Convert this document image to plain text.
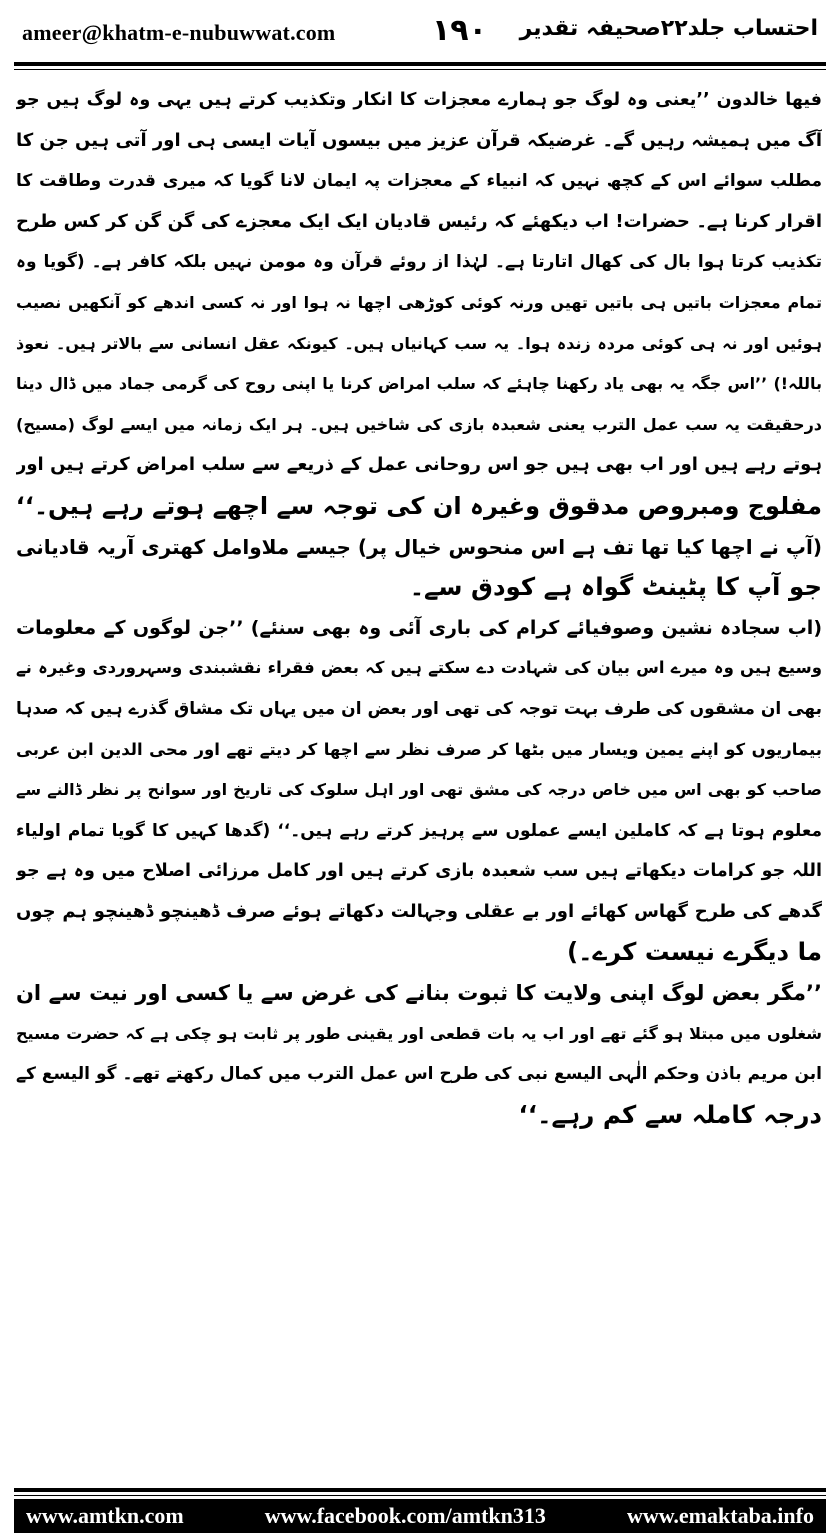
ameer@khatm-e-nubuwwat.com	۱۹۰ احتساب جلد۲۲صحیفہ تقدیر
فیھا خالدون ’’یعنی وہ لوگ جو ہمارے معجزات کا انکار وتکذیب کرتے ہیں یہی وہ لوگ ہیں جو
آگ میں ہمیشہ رہیں گے۔ غرضیکہ قرآن عزیز میں بیسوں آیات ایسی ہی اور آتی ہیں جن کا
مطلب سوائے اس کے کچھ نہیں کہ انبیاء کے معجزات پہ ایمان لانا گویا کہ میری قدرت وطاقت کا
اقرار کرنا ہے۔ حضرات! اب دیکھئے کہ رئیس قادیان ایک ایک معجزے کی گن گن کر کس طرح
تکذیب کرتا ہوا بال کی کھال اتارتا ہے۔ لہٰذا از روئے قرآن وہ مومن نہیں بلکہ کافر ہے۔ (گویا وہ
تمام معجزات باتیں ہی باتیں تھیں ورنہ کوئی کوڑھی اچھا نہ ہوا اور نہ کسی اندھے کو آنکھیں نصیب
ہوئیں اور نہ ہی کوئی مردہ زندہ ہوا۔ یہ سب کہانیاں ہیں۔ کیونکہ عقل انسانی سے بالاتر ہیں۔ نعوذ
باللہ!) ’’اس جگہ یہ بھی یاد رکھنا چاہئے کہ سلب امراض کرنا یا اپنی روح کی گرمی جماد میں ڈال دینا
درحقیقت یہ سب عمل الترب یعنی شعبدہ بازی کی شاخیں ہیں۔ ہر ایک زمانہ میں ایسے لوگ (مسیح)
ہوتے رہے ہیں اور اب بھی ہیں جو اس روحانی عمل کے ذریعے سے سلب امراض کرتے ہیں اور
مفلوج ومبروص مدقوق وغیرہ ان کی توجہ سے اچھے ہوتے رہے ہیں۔‘‘
(آپ نے اچھا کیا تھا تف ہے اس منحوس خیال پر) جیسے ملاوامل کھتری آریہ قادیانی
جو آپ کا پٹینٹ گواہ ہے کودق سے۔
(اب سجادہ نشین وصوفیائے کرام کی باری آئی وہ بھی سنئے) ’’جن لوگوں کے معلومات
وسیع ہیں وہ میرے اس بیان کی شہادت دے سکتے ہیں کہ بعض فقراء نقشبندی وسہروردی وغیرہ نے
بھی ان مشقوں کی طرف بہت توجہ کی تھی اور بعض ان میں یہاں تک مشاق گذرے ہیں کہ صدہا
بیماریوں کو اپنے یمین ویسار میں بٹھا کر صرف نظر سے اچھا کر دیتے تھے اور محی الدین ابن عربی
صاحب کو بھی اس میں خاص درجہ کی مشق تھی اور اہل سلوک کی تاریخ اور سوانح پر نظر ڈالنے سے
معلوم ہوتا ہے کہ کاملین ایسے عملوں سے پرہیز کرتے رہے ہیں۔‘‘ (گدھا کہیں کا گویا تمام اولیاء
اللہ جو کرامات دیکھاتے ہیں سب شعبدہ بازی کرتے ہیں اور کامل مرزائی اصلاح میں وہ ہے جو
گدھے کی طرح گھاس کھائے اور بے عقلی وجہالت دکھاتے ہوئے صرف ڈھینچو ڈھینچو ہم چوں
ما دیگرے نیست کرے۔)
’’مگر بعض لوگ اپنی ولایت کا ثبوت بنانے کی غرض سے یا کسی اور نیت سے ان
شغلوں میں مبتلا ہو گئے تھے اور اب یہ بات قطعی اور یقینی طور پر ثابت ہو چکی ہے کہ حضرت مسیح
ابن مریم باذن وحکم الٰہی الیسع نبی کی طرح اس عمل الترب میں کمال رکھتے تھے۔ گو الیسع کے
درجہ کاملہ سے کم رہے۔‘‘
www.amtkn.com	www.facebook.com/amtkn313	www.emaktaba.info
